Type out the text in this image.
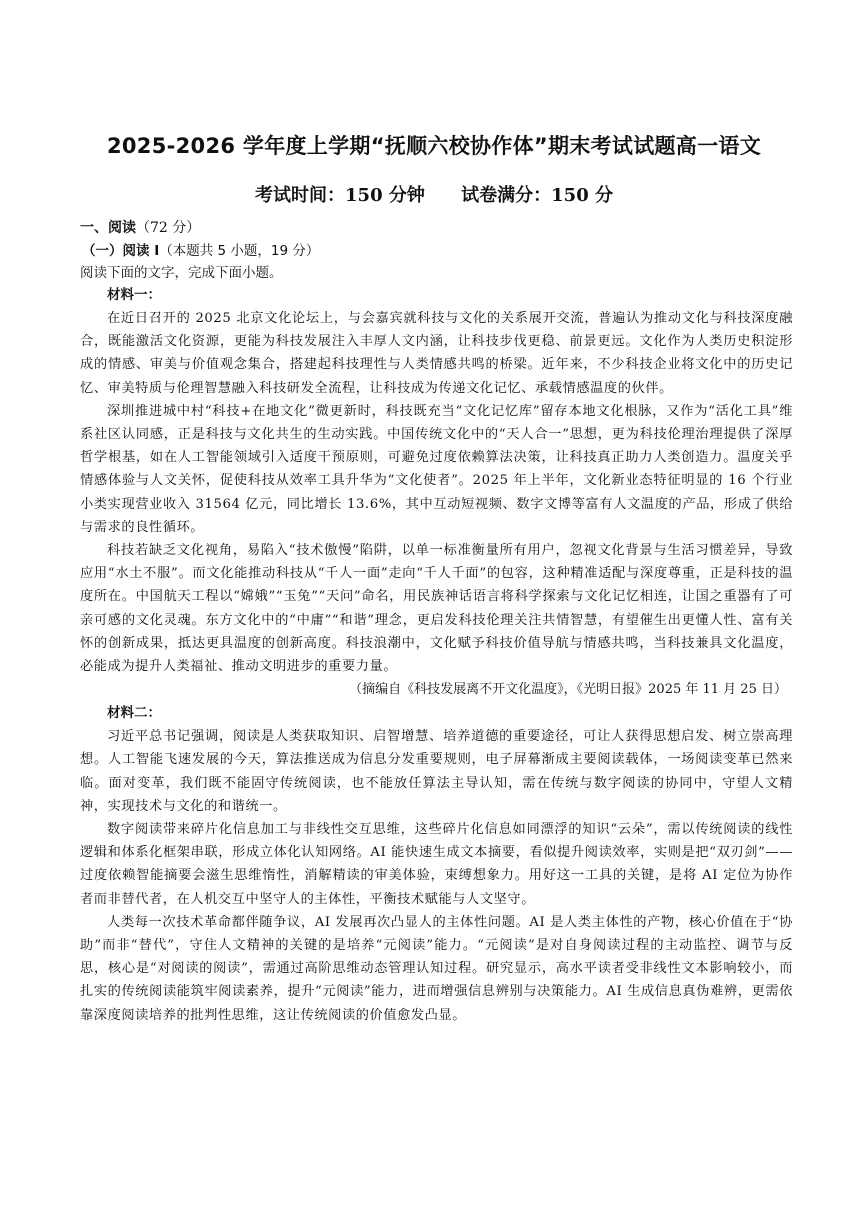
2025-2026 学年度上学期“抚顺六校协作体”期末考试试题高一语文
考试时间：150 分钟 试卷满分：150 分

一、阅读（72 分）

（一）阅读 I（本题共 5 小题，19 分）

阅读下面的文字，完成下面小题。

材料一：

在近日召开的 2025 北京文化论坛上，与会嘉宾就科技与文化的关系展开交流，普遍认为推动文化与科技深度融合，既能激活文化资源，更能为科技发展注入丰厚人文内涵，让科技步伐更稳、前景更远。文化作为人类历史积淀形成的情感、审美与价值观念集合，搭建起科技理性与人类情感共鸣的桥梁。近年来，不少科技企业将文化中的历史记忆、审美特质与伦理智慧融入科技研发全流程，让科技成为传递文化记忆、承载情感温度的伙伴。

深圳推进城中村“科技+在地文化”微更新时，科技既充当“文化记忆库”留存本地文化根脉，又作为“活化工具”维系社区认同感，正是科技与文化共生的生动实践。中国传统文化中的“天人合一”思想，更为科技伦理治理提供了深厚哲学根基，如在人工智能领域引入适度干预原则，可避免过度依赖算法决策，让科技真正助力人类创造力。温度关乎情感体验与人文关怀，促使科技从效率工具升华为“文化使者”。2025 年上半年，文化新业态特征明显的 16 个行业小类实现营业收入 31564 亿元，同比增长 13.6%，其中互动短视频、数字文博等富有人文温度的产品，形成了供给与需求的良性循环。

科技若缺乏文化视角，易陷入“技术傲慢”陷阱，以单一标准衡量所有用户，忽视文化背景与生活习惯差异，导致应用“水土不服”。而文化能推动科技从“千人一面”走向“千人千面”的包容，这种精准适配与深度尊重，正是科技的温度所在。中国航天工程以“嫦娥”“玉兔”“天问”命名，用民族神话语言将科学探索与文化记忆相连，让国之重器有了可亲可感的文化灵魂。东方文化中的“中庸”“和谐”理念，更启发科技伦理关注共情智慧，有望催生出更懂人性、富有关怀的创新成果，抵达更具温度的创新高度。科技浪潮中，文化赋予科技价值导航与情感共鸣，当科技兼具文化温度，必能成为提升人类福祉、推动文明进步的重要力量。

（摘编自《科技发展离不开文化温度》，《光明日报》2025 年 11 月 25 日）

材料二：

习近平总书记强调，阅读是人类获取知识、启智增慧、培养道德的重要途径，可让人获得思想启发、树立崇高理想。人工智能飞速发展的今天，算法推送成为信息分发重要规则，电子屏幕渐成主要阅读载体，一场阅读变革已然来临。面对变革，我们既不能固守传统阅读，也不能放任算法主导认知，需在传统与数字阅读的协同中，守望人文精神，实现技术与文化的和谐统一。

数字阅读带来碎片化信息加工与非线性交互思维，这些碎片化信息如同漂浮的知识“云朵”，需以传统阅读的线性逻辑和体系化框架串联，形成立体化认知网络。AI 能快速生成文本摘要，看似提升阅读效率，实则是把“双刃剑”——过度依赖智能摘要会滋生思维惰性，消解精读的审美体验，束缚想象力。用好这一工具的关键，是将 AI 定位为协作者而非替代者，在人机交互中坚守人的主体性，平衡技术赋能与人文坚守。

人类每一次技术革命都伴随争议，AI 发展再次凸显人的主体性问题。AI 是人类主体性的产物，核心价值在于“协助”而非“替代”，守住人文精神的关键的是培养“元阅读”能力。“元阅读”是对自身阅读过程的主动监控、调节与反思，核心是“对阅读的阅读”，需通过高阶思维动态管理认知过程。研究显示，高水平读者受非线性文本影响较小，而扎实的传统阅读能筑牢阅读素养，提升“元阅读”能力，进而增强信息辨别与决策能力。AI 生成信息真伪难辨，更需依靠深度阅读培养的批判性思维，这让传统阅读的价值愈发凸显。
